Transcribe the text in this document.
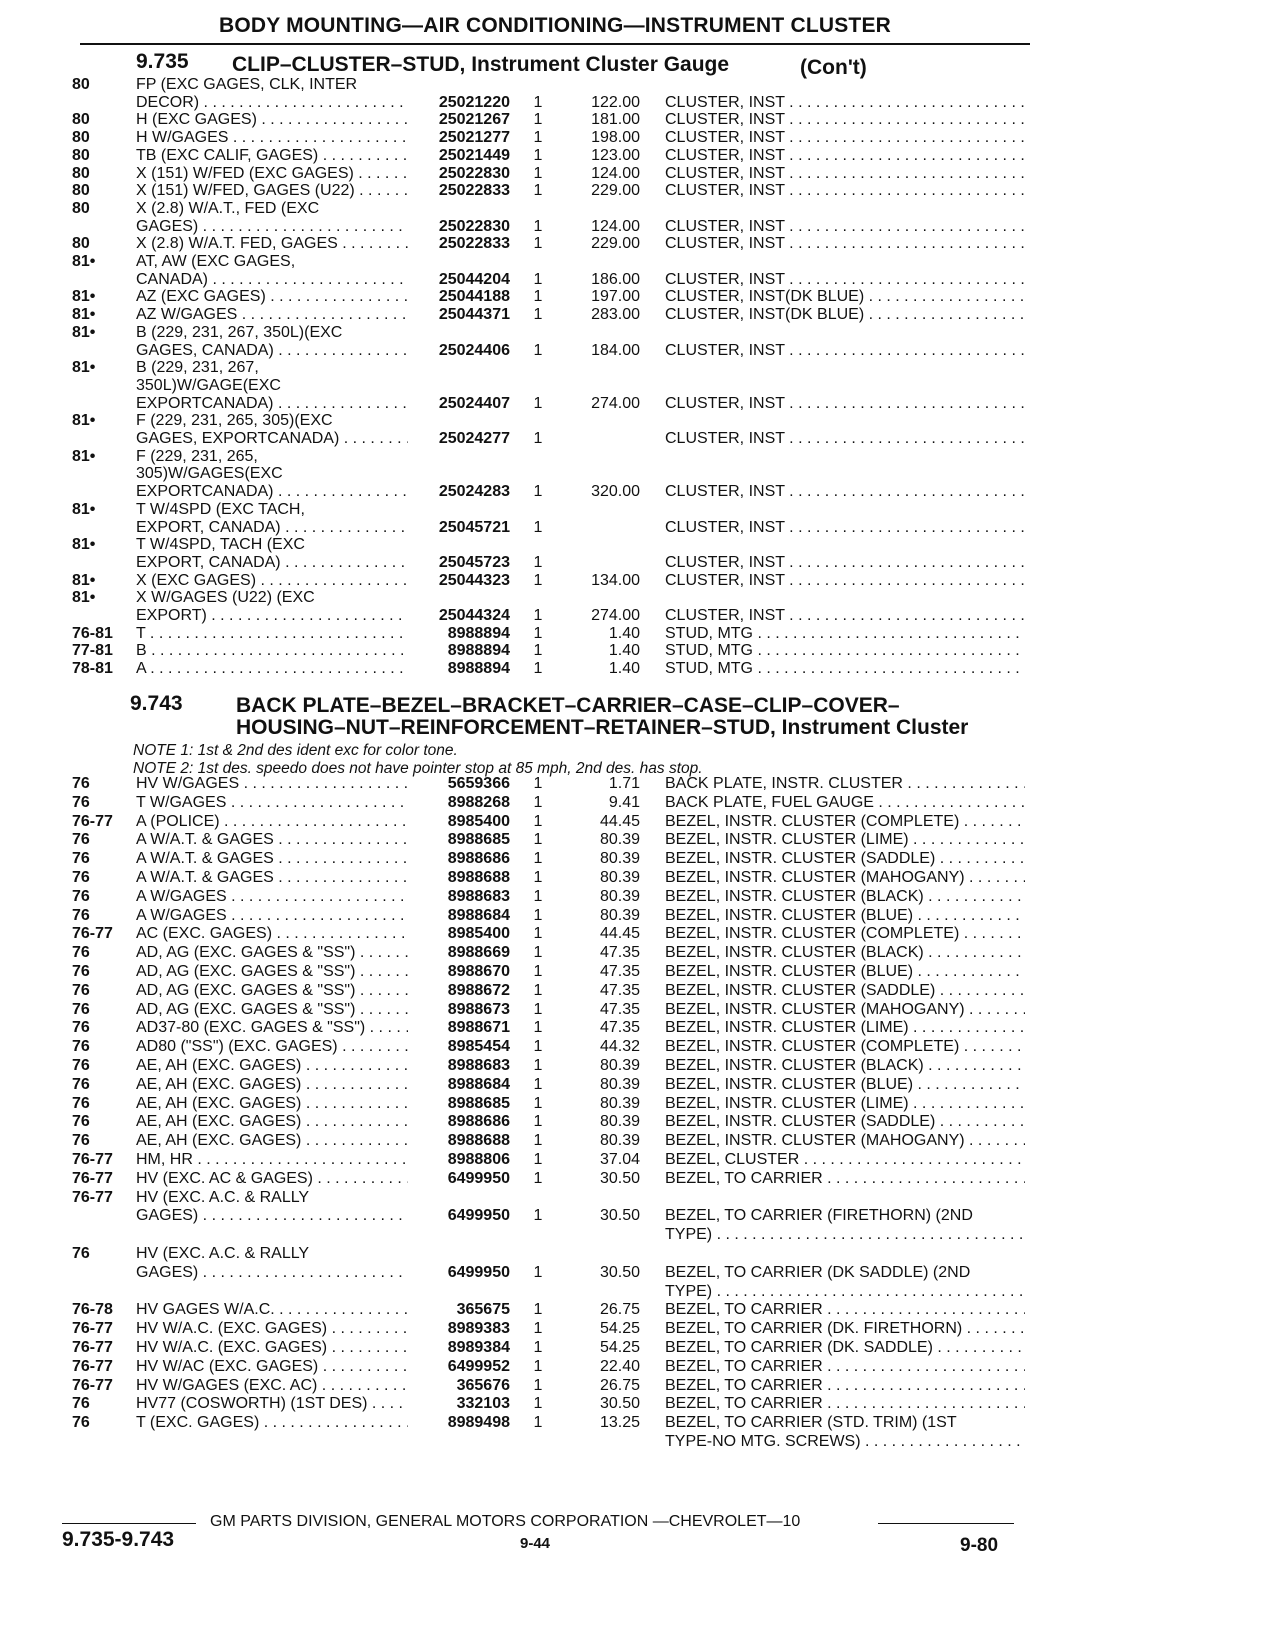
BODY MOUNTING—AIR CONDITIONING—INSTRUMENT CLUSTER
9.735 CLIP–CLUSTER–STUD, Instrument Cluster Gauge	(Con't)
80	FP (EXC GAGES, CLK, INTER
DECOR) . . .	25021220 1	122.00 CLUSTER, INST . . .
80	H (EXC GAGES) . . .	25021267 1	181.00 CLUSTER, INST . . .
80	H W/GAGES . . .	25021277 1	198.00 CLUSTER, INST . . .
80	TB (EXC CALIF, GAGES) . . .	25021449 1	123.00 CLUSTER, INST . . .
80	X (151) W/FED (EXC GAGES) . . .	25022830 1	124.00 CLUSTER, INST . . .
80	X (151) W/FED, GAGES (U22) . . .	25022833 1	229.00 CLUSTER, INST . . .
80	X (2.8) W/A.T., FED (EXC
GAGES) . . .	25022830 1	124.00 CLUSTER, INST . . .
80	X (2.8) W/A.T. FED, GAGES . . .	25022833 1	229.00 CLUSTER, INST . . .
81•	AT, AW (EXC GAGES,
CANADA) . . .	25044204 1	186.00 CLUSTER, INST . . .
81•	AZ (EXC GAGES) . . .	25044188 1	197.00 CLUSTER, INST(DK BLUE) . . .
81•	AZ W/GAGES . . .	25044371 1	283.00 CLUSTER, INST(DK BLUE) . . .
81•	B (229, 231, 267, 350L)(EXC
GAGES, CANADA) . . .	25024406 1	184.00 CLUSTER, INST . . .
81•	B (229, 231, 267,
350L)W/GAGE(EXC
EXPORTCANADA) . . .	25024407 1	274.00 CLUSTER, INST . . .
81•	F (229, 231, 265, 305)(EXC
GAGES, EXPORTCANADA) . . .	25024277 1	CLUSTER, INST . . .
81•	F (229, 231, 265,
305)W/GAGES(EXC
EXPORTCANADA) . . .	25024283 1	320.00 CLUSTER, INST . . .
81•	T W/4SPD (EXC TACH,
EXPORT, CANADA) . . .	25045721 1	CLUSTER, INST . . .
81•	T W/4SPD, TACH (EXC
EXPORT, CANADA) . . .	25045723 1	CLUSTER, INST . . .
81•	X (EXC GAGES) . . .	25044323 1	134.00 CLUSTER, INST . . .
81•	X W/GAGES (U22) (EXC
EXPORT) . . .	25044324 1	274.00 CLUSTER, INST . . .
76-81 T . . .	8988894 1	1.40 STUD, MTG . . .
77-81 B . . .	8988894 1	1.40 STUD, MTG . . .
78-81 A . . .	8988894 1	1.40 STUD, MTG . . .
9.743	BACK PLATE–BEZEL–BRACKET–CARRIER–CASE–CLIP–COVER–
HOUSING–NUT–REINFORCEMENT–RETAINER–STUD, Instrument Cluster
NOTE 1: 1st & 2nd des ident exc for color tone.
NOTE 2: 1st des. speedo does not have pointer stop at 85 mph, 2nd des. has stop.
76	HV W/GAGES . . .	5659366 1	1.71 BACK PLATE, INSTR. CLUSTER . . .
76	T W/GAGES . . .	8988268 1	9.41 BACK PLATE, FUEL GAUGE . . .
76-77 A (POLICE) . . .	8985400 1	44.45 BEZEL, INSTR. CLUSTER (COMPLETE) . . .
76	A W/A.T. & GAGES . . .	8988685 1	80.39 BEZEL, INSTR. CLUSTER (LIME) . . .
76	A W/A.T. & GAGES . . .	8988686 1	80.39 BEZEL, INSTR. CLUSTER (SADDLE) . . .
76	A W/A.T. & GAGES . . .	8988688 1	80.39 BEZEL, INSTR. CLUSTER (MAHOGANY) . . .
76	A W/GAGES . . .	8988683 1	80.39 BEZEL, INSTR. CLUSTER (BLACK) . . .
76	A W/GAGES . . .	8988684 1	80.39 BEZEL, INSTR. CLUSTER (BLUE) . . .
76-77 AC (EXC. GAGES) . . .	8985400 1	44.45 BEZEL, INSTR. CLUSTER (COMPLETE) . . .
76	AD, AG (EXC. GAGES & "SS") . . .	8988669 1	47.35 BEZEL, INSTR. CLUSTER (BLACK) . . .
76	AD, AG (EXC. GAGES & "SS") . . .	8988670 1	47.35 BEZEL, INSTR. CLUSTER (BLUE) . . .
76	AD, AG (EXC. GAGES & "SS") . . .	8988672 1	47.35 BEZEL, INSTR. CLUSTER (SADDLE) . . .
76	AD, AG (EXC. GAGES & "SS") . . .	8988673 1	47.35 BEZEL, INSTR. CLUSTER (MAHOGANY) . . .
76	AD37-80 (EXC. GAGES & "SS") . . .	8988671 1	47.35 BEZEL, INSTR. CLUSTER (LIME) . . .
76	AD80 ("SS") (EXC. GAGES) . . .	8985454 1	44.32 BEZEL, INSTR. CLUSTER (COMPLETE) . . .
76	AE, AH (EXC. GAGES) . . .	8988683 1	80.39 BEZEL, INSTR. CLUSTER (BLACK) . . .
76	AE, AH (EXC. GAGES) . . .	8988684 1	80.39 BEZEL, INSTR. CLUSTER (BLUE) . . .
76	AE, AH (EXC. GAGES) . . .	8988685 1	80.39 BEZEL, INSTR. CLUSTER (LIME) . . .
76	AE, AH (EXC. GAGES) . . .	8988686 1	80.39 BEZEL, INSTR. CLUSTER (SADDLE) . . .
76	AE, AH (EXC. GAGES) . . .	8988688 1	80.39 BEZEL, INSTR. CLUSTER (MAHOGANY) . . .
76-77 HM, HR . . .	8988806 1	37.04 BEZEL, CLUSTER . . .
76-77 HV (EXC. AC & GAGES) . . .	6499950 1	30.50 BEZEL, TO CARRIER . . .
76-77 HV (EXC. A.C. & RALLY
GAGES) . . .	6499950 1	30.50 BEZEL, TO CARRIER (FIRETHORN) (2ND
TYPE) . . .
76	HV (EXC. A.C. & RALLY
GAGES) . . .	6499950 1	30.50 BEZEL, TO CARRIER (DK SADDLE) (2ND
TYPE) . . .
76-78 HV GAGES W/A.C. . . .	365675 1	26.75 BEZEL, TO CARRIER . . .
76-77 HV W/A.C. (EXC. GAGES) . . .	8989383 1	54.25 BEZEL, TO CARRIER (DK. FIRETHORN) . . .
76-77 HV W/A.C. (EXC. GAGES) . . .	8989384 1	54.25 BEZEL, TO CARRIER (DK. SADDLE) . . .
76-77 HV W/AC (EXC. GAGES) . . .	6499952 1	22.40 BEZEL, TO CARRIER . . .
76-77 HV W/GAGES (EXC. AC) . . .	365676 1	26.75 BEZEL, TO CARRIER . . .
76	HV77 (COSWORTH) (1ST DES) . . .	332103 1	30.50 BEZEL, TO CARRIER . . .
76	T (EXC. GAGES) . . .	8989498 1	13.25 BEZEL, TO CARRIER (STD. TRIM) (1ST
TYPE-NO MTG. SCREWS) . . .
GM PARTS DIVISION, GENERAL MOTORS CORPORATION —CHEVROLET—10
9.735-9.743	9-44	9-80
